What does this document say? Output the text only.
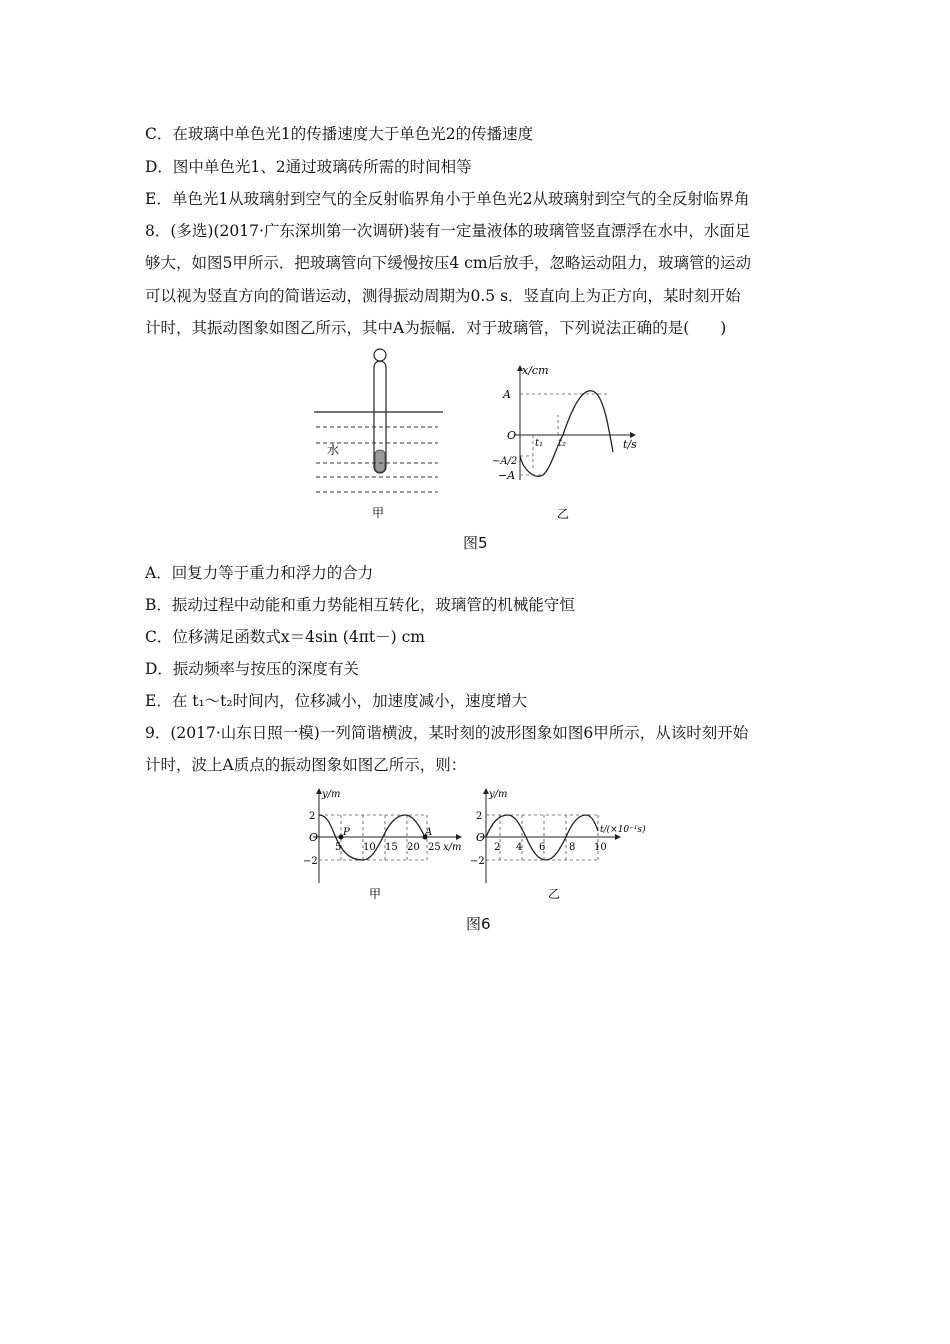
C．在玻璃中单色光1的传播速度大于单色光2的传播速度
D．图中单色光1、2通过玻璃砖所需的时间相等
E．单色光1从玻璃射到空气的全反射临界角小于单色光2从玻璃射到空气的全反射临界角
8．(多选)(2017·广东深圳第一次调研)装有一定量液体的玻璃管竖直漂浮在水中，水面足
够大，如图5甲所示．把玻璃管向下缓慢按压4 cm后放手，忽略运动阻力，玻璃管的运动
可以视为竖直方向的简谐运动，测得振动周期为0.5 s．竖直向上为正方向，某时刻开始
计时，其振动图象如图乙所示，其中A为振幅．对于玻璃管，下列说法正确的是(　　)
水
甲
x/cm
t/s
O
A
−A/2
−A
t₁ t₂
乙
图5
A．回复力等于重力和浮力的合力
B．振动过程中动能和重力势能相互转化，玻璃管的机械能守恒
C．位移满足函数式x＝4sin (4πt－) cm
D．振动频率与按压的深度有关
E．在 t₁～t₂时间内，位移减小，加速度减小，速度增大
9．(2017·山东日照一模)一列简谐横波，某时刻的波形图象如图6甲所示，从该时刻开始
计时，波上A质点的振动图象如图乙所示，则：
y/m
O
2
−2
P	A
5 10 15 20 25 x/m
甲
y/m
O
2
−2
2 4 6 8 10
t/(×10⁻¹s)
乙
图6
